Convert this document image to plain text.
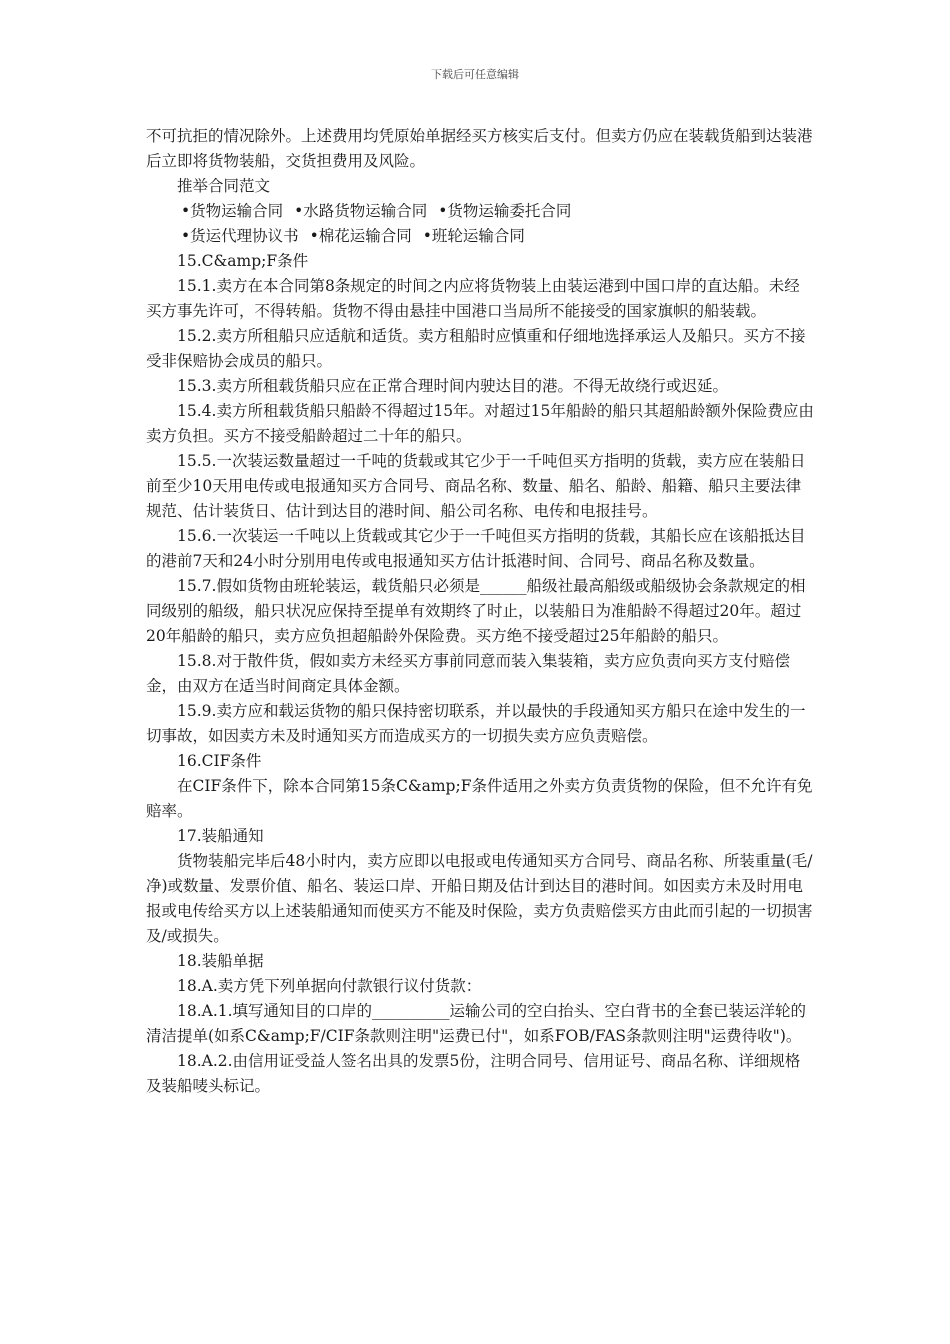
下载后可任意编辑

不可抗拒的情况除外。上述费用均凭原始单据经买方核实后支付。但卖方仍应在装载货船到达装港后立即将货物装船，交货担费用及风险。

推举合同范文

•货物运输合同 •水路货物运输合同 •货物运输委托合同

•货运代理协议书 •棉花运输合同 •班轮运输合同

15.C&amp;F条件

15.1.卖方在本合同第8条规定的时间之内应将货物装上由装运港到中国口岸的直达船。未经买方事先许可，不得转船。货物不得由悬挂中国港口当局所不能接受的国家旗帜的船装载。

15.2.卖方所租船只应适航和适货。卖方租船时应慎重和仔细地选择承运人及船只。买方不接受非保赔协会成员的船只。

15.3.卖方所租载货船只应在正常合理时间内驶达目的港。不得无故绕行或迟延。

15.4.卖方所租载货船只船龄不得超过15年。对超过15年船龄的船只其超船龄额外保险费应由卖方负担。买方不接受船龄超过二十年的船只。

15.5.一次装运数量超过一千吨的货载或其它少于一千吨但买方指明的货载，卖方应在装船日前至少10天用电传或电报通知买方合同号、商品名称、数量、船名、船龄、船籍、船只主要法律规范、估计装货日、估计到达目的港时间、船公司名称、电传和电报挂号。

15.6.一次装运一千吨以上货载或其它少于一千吨但买方指明的货载，其船长应在该船抵达目的港前7天和24小时分别用电传或电报通知买方估计抵港时间、合同号、商品名称及数量。

15.7.假如货物由班轮装运，载货船只必须是______船级社最高船级或船级协会条款规定的相同级别的船级，船只状况应保持至提单有效期终了时止，以装船日为准船龄不得超过20年。超过20年船龄的船只，卖方应负担超船龄外保险费。买方绝不接受超过25年船龄的船只。

15.8.对于散件货，假如卖方未经买方事前同意而装入集装箱，卖方应负责向买方支付赔偿金，由双方在适当时间商定具体金额。

15.9.卖方应和载运货物的船只保持密切联系，并以最快的手段通知买方船只在途中发生的一切事故，如因卖方未及时通知买方而造成买方的一切损失卖方应负责赔偿。

16.CIF条件

在CIF条件下，除本合同第15条C&amp;F条件适用之外卖方负责货物的保险，但不允许有免赔率。

17.装船通知

货物装船完毕后48小时内，卖方应即以电报或电传通知买方合同号、商品名称、所装重量(毛/净)或数量、发票价值、船名、装运口岸、开船日期及估计到达目的港时间。如因卖方未及时用电报或电传给买方以上述装船通知而使买方不能及时保险，卖方负责赔偿买方由此而引起的一切损害及/或损失。

18.装船单据

18.A.卖方凭下列单据向付款银行议付货款：

18.A.1.填写通知目的口岸的__________运输公司的空白抬头、空白背书的全套已装运洋轮的清洁提单(如系C&amp;F/CIF条款则注明"运费已付"，如系FOB/FAS条款则注明"运费待收")。

18.A.2.由信用证受益人签名出具的发票5份，注明合同号、信用证号、商品名称、详细规格及装船唛头标记。
